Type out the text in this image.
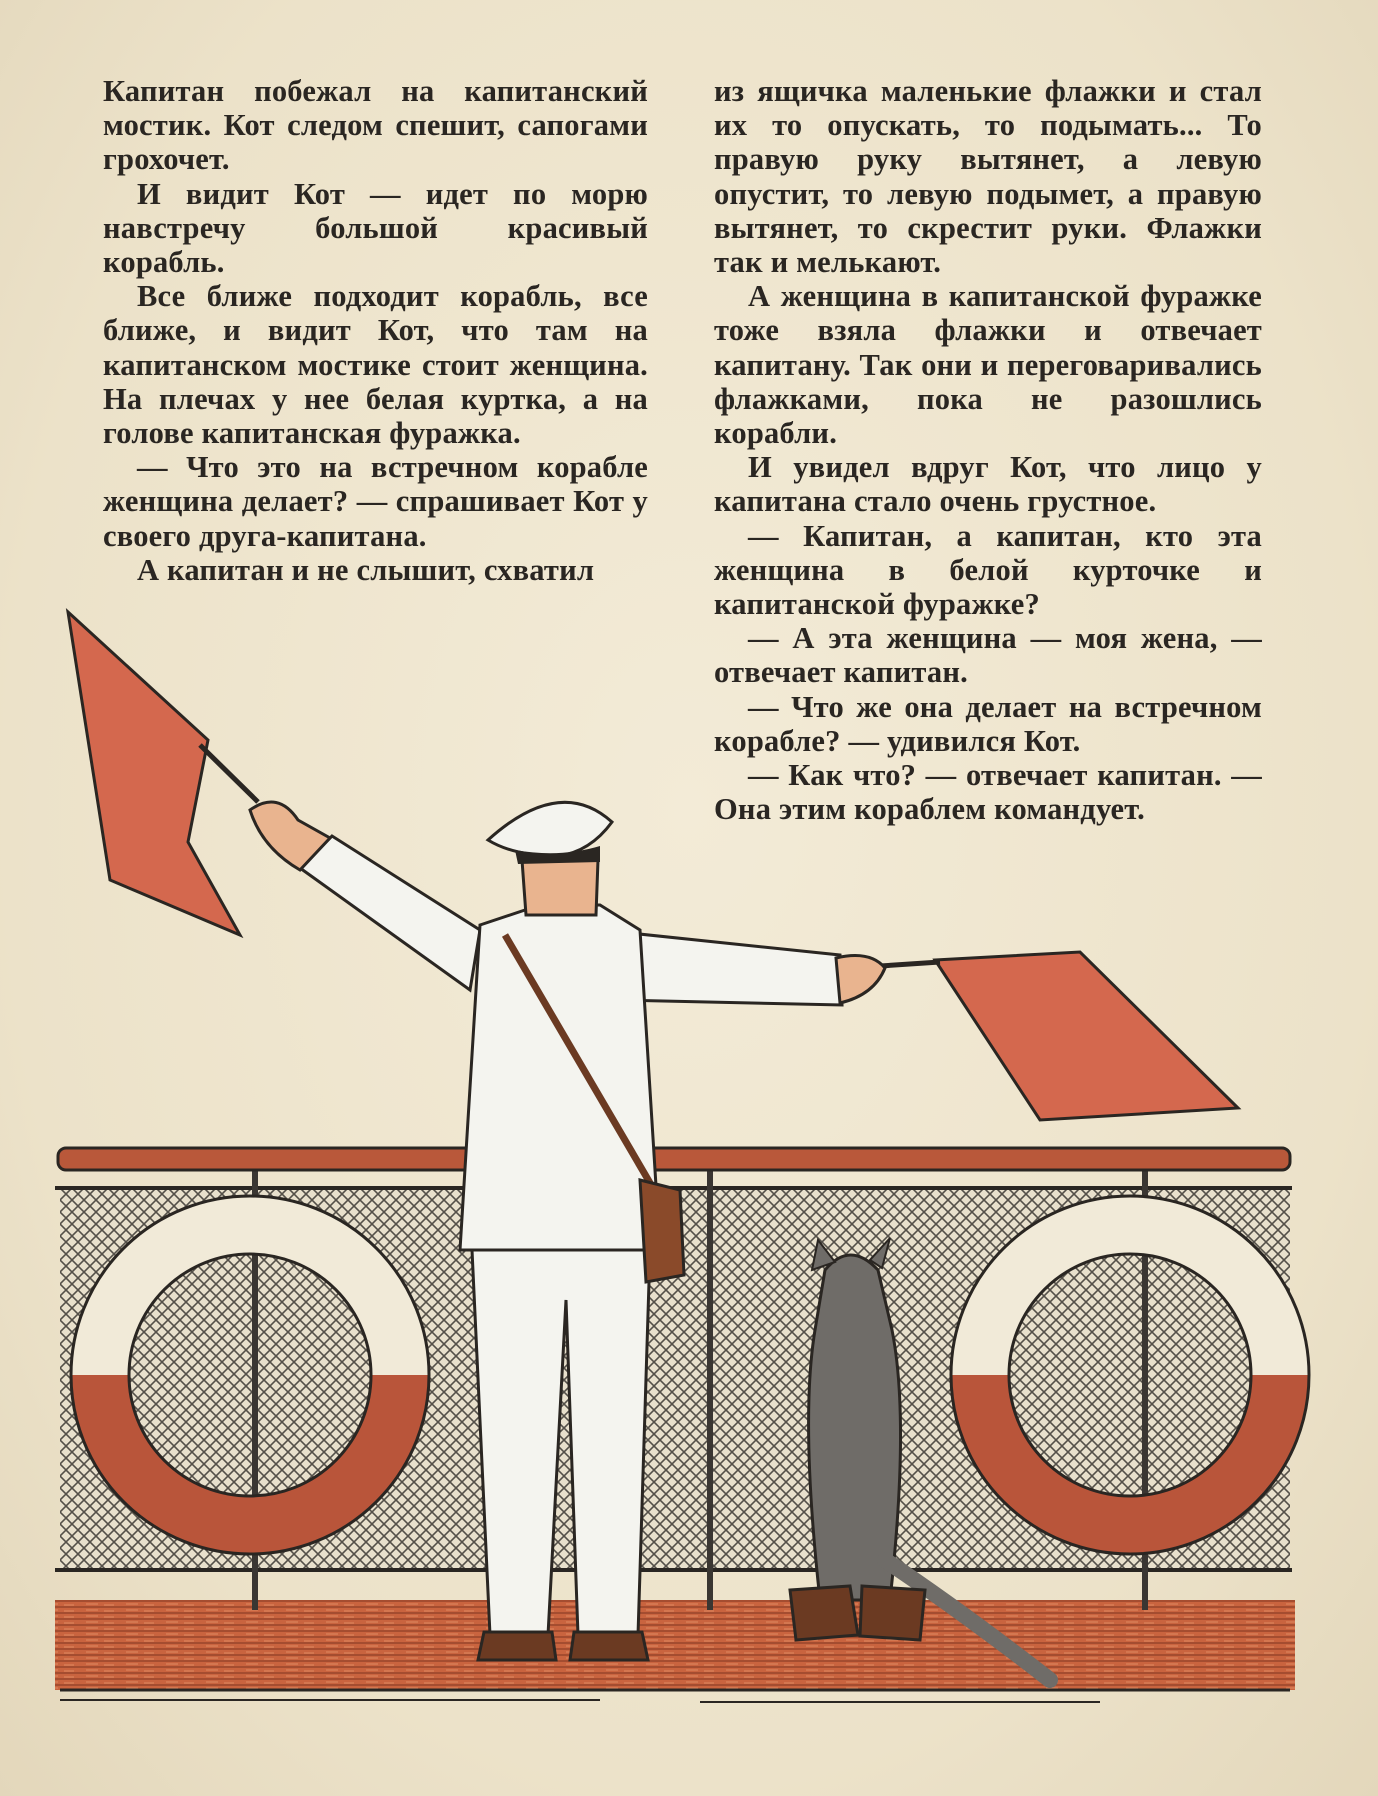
Капитан побежал на капитанский мостик. Кот следом спешит, сапогами грохочет.

И видит Кот — идет по морю навстречу большой красивый корабль.

Все ближе подходит корабль, все ближе, и видит Кот, что там на капитанском мостике стоит женщина. На плечах у нее белая куртка, а на голове капитанская фуражка.

— Что это на встречном корабле женщина делает? — спрашивает Кот у своего друга-капитана.

А капитан и не слышит, схватил

из ящичка маленькие флажки и стал их то опускать, то подымать... То правую руку вытянет, а левую опустит, то левую подымет, а правую вытянет, то скрестит руки. Флажки так и мелькают.

А женщина в капитанской фуражке тоже взяла флажки и отвечает капитану. Так они и переговаривались флажками, пока не разошлись корабли.

И увидел вдруг Кот, что лицо у капитана стало очень грустное.

— Капитан, а капитан, кто эта женщина в белой курточке и капитанской фуражке?

— А эта женщина — моя жена, — отвечает капитан.

— Что же она делает на встречном корабле? — удивился Кот.

— Как что? — отвечает капитан. — Она этим кораблем командует.
